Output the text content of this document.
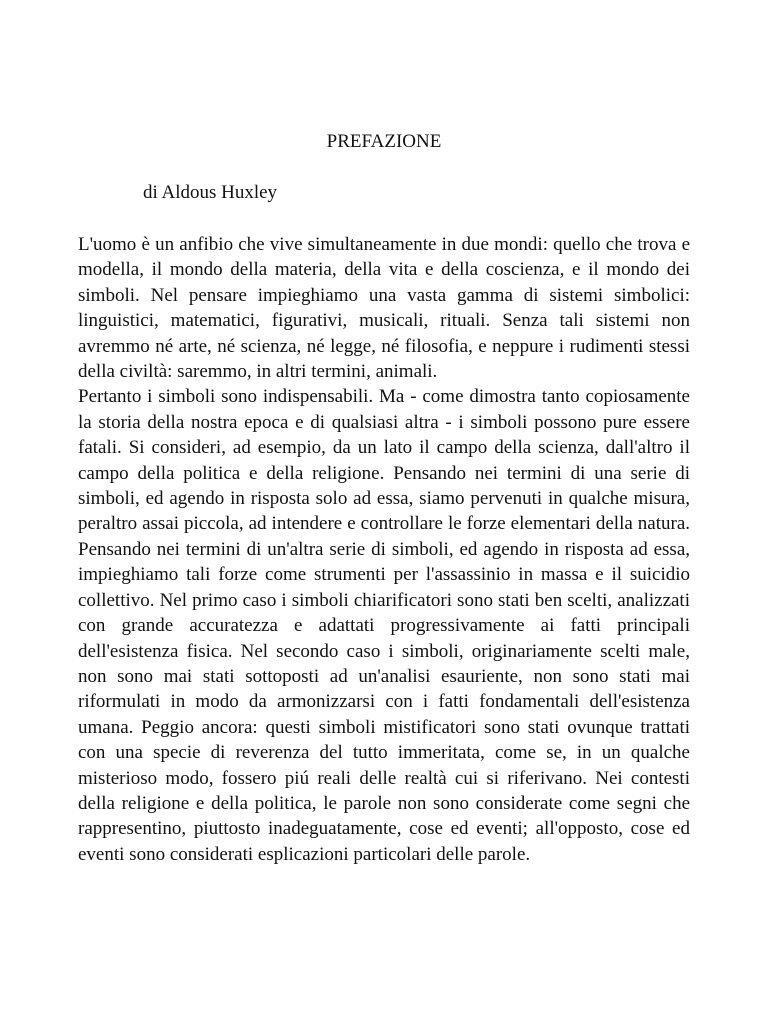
PREFAZIONE
di Aldous Huxley

L'uomo è un anfibio che vive simultaneamente in due mondi: quello che trova e modella, il mondo della materia, della vita e della coscienza, e il mondo dei simboli. Nel pensare impieghiamo una vasta gamma di sistemi simbolici: linguistici, matematici, figurativi, musicali, rituali. Senza tali sistemi non avremmo né arte, né scienza, né legge, né filosofia, e neppure i rudimenti stessi della civiltà: saremmo, in altri termini, animali.

Pertanto i simboli sono indispensabili. Ma - come dimostra tanto copiosamente la storia della nostra epoca e di qualsiasi altra - i simboli possono pure essere fatali. Si consideri, ad esempio, da un lato il campo della scienza, dall'altro il campo della politica e della religione. Pensando nei termini di una serie di simboli, ed agendo in risposta solo ad essa, siamo pervenuti in qualche misura, peraltro assai piccola, ad intendere e controllare le forze elementari della natura. Pensando nei termini di un'altra serie di simboli, ed agendo in risposta ad essa, impieghiamo tali forze come strumenti per l'assassinio in massa e il suicidio collettivo. Nel primo caso i simboli chiarificatori sono stati ben scelti, analizzati con grande accuratezza e adattati progressivamente ai fatti principali dell'esistenza fisica. Nel secondo caso i simboli, originariamente scelti male, non sono mai stati sottoposti ad un'analisi esauriente, non sono stati mai riformulati in modo da armonizzarsi con i fatti fondamentali dell'esistenza umana. Peggio ancora: questi simboli mistificatori sono stati ovunque trattati con una specie di reverenza del tutto immeritata, come se, in un qualche misterioso modo, fossero piú reali delle realtà cui si riferivano. Nei contesti della religione e della politica, le parole non sono considerate come segni che rappresentino, piuttosto inadeguatamente, cose ed eventi; all'opposto, cose ed eventi sono considerati esplicazioni particolari delle parole.
